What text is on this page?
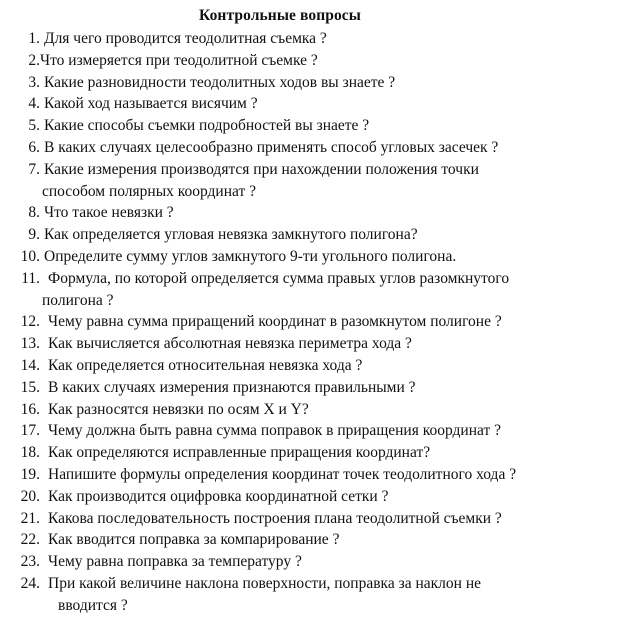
Контрольные вопросы
1. Для чего проводится теодолитная съемка ?
2. Что измеряется при теодолитной съемке ?
3. Какие разновидности теодолитных ходов вы знаете ?
4. Какой ход называется висячим ?
5. Какие способы съемки подробностей вы знаете ?
6. В каких случаях целесообразно применять способ угловых засечек ?
7. Какие измерения производятся при нахождении положения точки
способом полярных координат ?
8. Что такое невязки ?
9. Как определяется угловая невязка замкнутого полигона?
10. Определите сумму углов замкнутого 9-ти угольного полигона.
11. Формула, по которой определяется сумма правых углов разомкнутого
полигона ?
12. Чему равна сумма приращений координат в разомкнутом полигоне ?
13. Как вычисляется абсолютная невязка периметра хода ?
14. Как определяется относительная невязка хода ?
15. В каких случаях измерения признаются правильными ?
16. Как разносятся невязки по осям X и Y?
17. Чему должна быть равна сумма поправок в приращения координат ?
18. Как определяются исправленные приращения координат?
19. Напишите формулы определения координат точек теодолитного хода ?
20. Как производится оцифровка координатной сетки ?
21. Какова последовательность построения плана теодолитной съемки ?
22. Как вводится поправка за компарирование ?
23. Чему равна поправка за температуру ?
24. При какой величине наклона поверхности, поправка за наклон не
вводится ?
